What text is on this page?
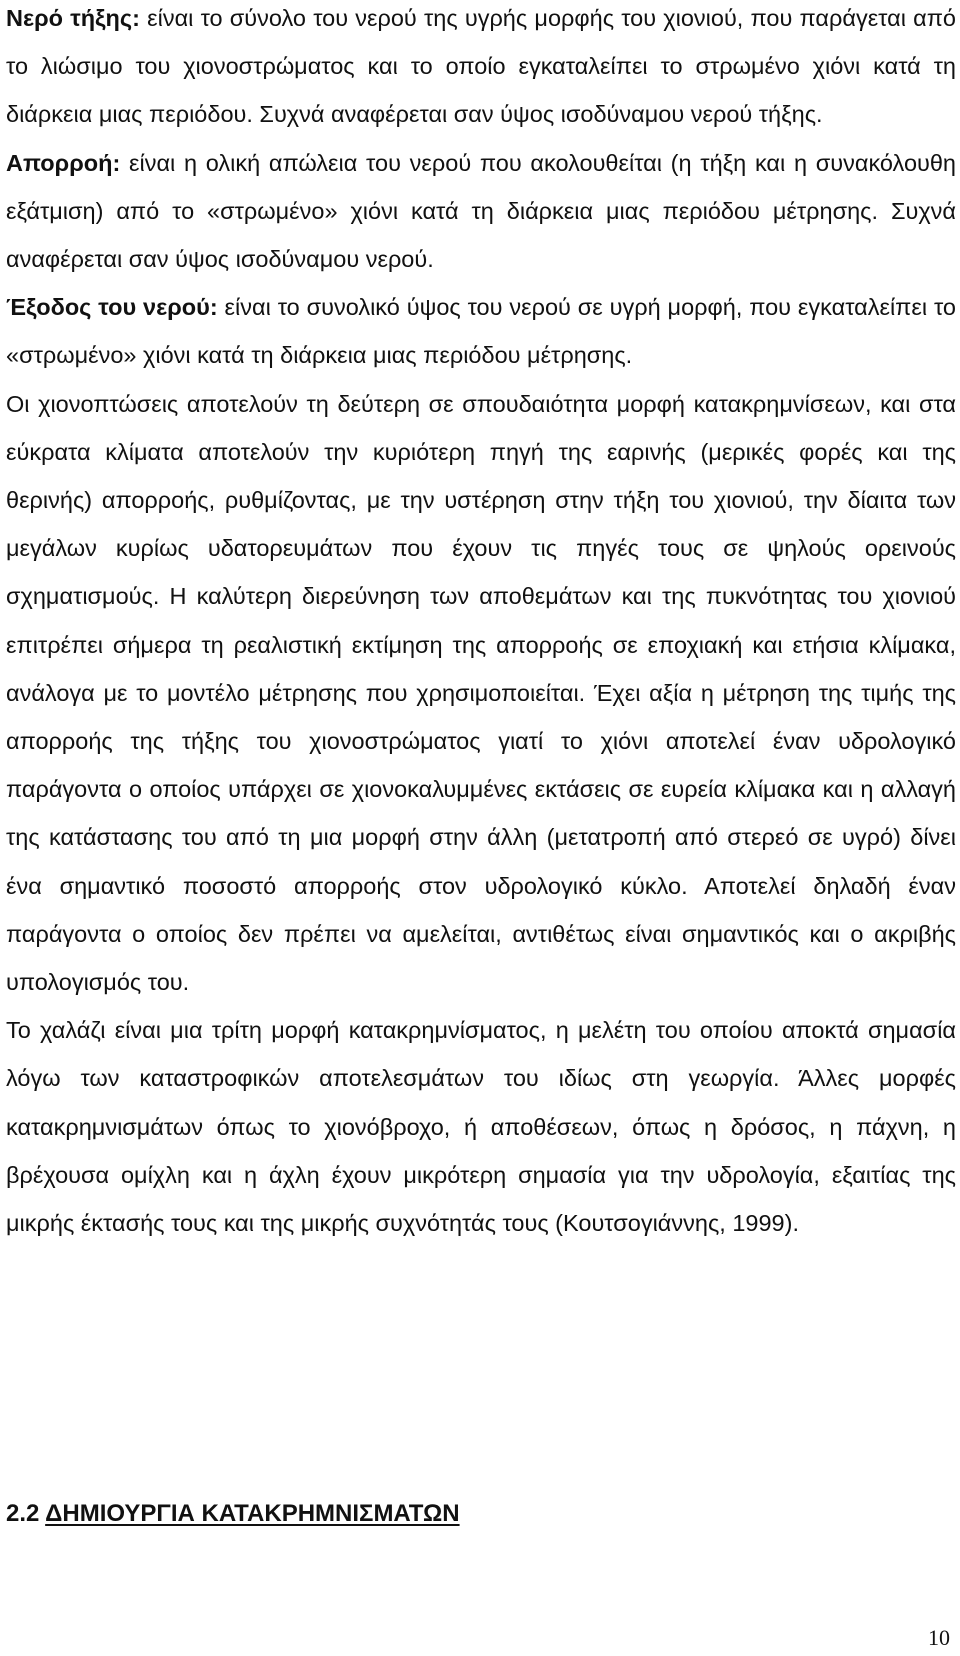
Νερό τήξης: είναι το σύνολο του νερού της υγρής μορφής του χιονιού, που παράγεται από το λιώσιμο του χιονοστρώματος και το οποίο εγκαταλείπει το στρωμένο χιόνι κατά τη διάρκεια μιας περιόδου. Συχνά αναφέρεται σαν ύψος ισοδύναμου νερού τήξης.

Απορροή: είναι η ολική απώλεια του νερού που ακολουθείται (η τήξη και η συνακόλουθη εξάτμιση) από το «στρωμένο» χιόνι κατά τη διάρκεια μιας περιόδου μέτρησης. Συχνά αναφέρεται σαν ύψος ισοδύναμου νερού.

Έξοδος του νερού: είναι το συνολικό ύψος του νερού σε υγρή μορφή, που εγκαταλείπει το «στρωμένο» χιόνι κατά τη διάρκεια μιας περιόδου μέτρησης.

Οι χιονοπτώσεις αποτελούν τη δεύτερη σε σπουδαιότητα μορφή κατακρημνίσεων, και στα εύκρατα κλίματα αποτελούν την κυριότερη πηγή της εαρινής (μερικές φορές και της θερινής) απορροής, ρυθμίζοντας, με την υστέρηση στην τήξη του χιονιού, την δίαιτα των μεγάλων κυρίως υδατορευμάτων που έχουν τις πηγές τους σε ψηλούς ορεινούς σχηματισμούς. Η καλύτερη διερεύνηση των αποθεμάτων και της πυκνότητας του χιονιού επιτρέπει σήμερα τη ρεαλιστική εκτίμηση της απορροής σε εποχιακή και ετήσια κλίμακα, ανάλογα με το μοντέλο μέτρησης που χρησιμοποιείται. Έχει αξία η μέτρηση της τιμής της απορροής της τήξης του χιονοστρώματος γιατί το χιόνι αποτελεί έναν υδρολογικό παράγοντα ο οποίος υπάρχει σε χιονοκαλυμμένες εκτάσεις σε ευρεία κλίμακα και η αλλαγή της κατάστασης του από τη μια μορφή στην άλλη (μετατροπή από στερεό σε υγρό) δίνει ένα σημαντικό ποσοστό απορροής στον υδρολογικό κύκλο. Αποτελεί δηλαδή έναν παράγοντα ο οποίος δεν πρέπει να αμελείται, αντιθέτως είναι σημαντικός και ο ακριβής υπολογισμός του.

Το χαλάζι είναι μια τρίτη μορφή κατακρημνίσματος, η μελέτη του οποίου αποκτά σημασία λόγω των καταστροφικών αποτελεσμάτων του ιδίως στη γεωργία. Άλλες μορφές κατακρημνισμάτων όπως το χιονόβροχο, ή αποθέσεων, όπως η δρόσος, η πάχνη, η βρέχουσα ομίχλη και η άχλη έχουν μικρότερη σημασία για την υδρολογία, εξαιτίας της μικρής έκτασής τους και της μικρής συχνότητάς τους (Κουτσογιάννης, 1999).

2.2 ΔΗΜΙΟΥΡΓΙΑ ΚΑΤΑΚΡΗΜΝΙΣΜΑΤΩΝ

10
